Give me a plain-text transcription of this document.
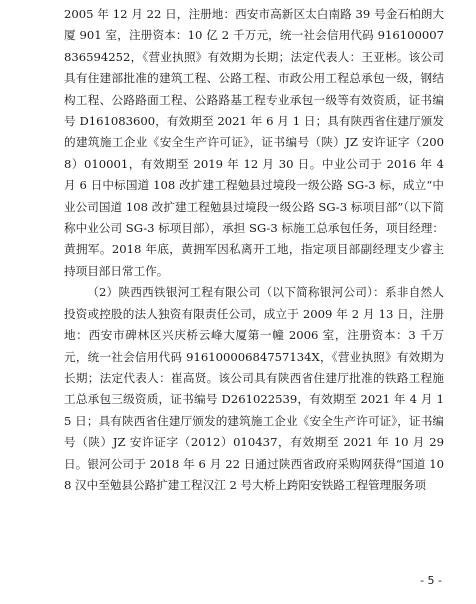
2005 年 12 月 22 日，注册地：西安市高新区太白南路 39 号金石柏朗大厦 901 室，注册资本：10 亿 2 千万元，统一社会信用代码 916100007836594252，《营业执照》有效期为长期；法定代表人：王亚彬。该公司具有住建部批准的建筑工程、公路工程、市政公用工程总承包一级，钢结构工程、公路路面工程、公路路基工程专业承包一级等有效资质，证书编号 D161083600，有效期至 2021 年 6 月 1 日；具有陕西省住建厅颁发的建筑施工企业《安全生产许可证》，证书编号（陕）JZ 安许证字（2008）010001，有效期至 2019 年 12 月 30 日。中业公司于 2016 年 4 月 6 日中标国道 108 改扩建工程勉县过境段一级公路 SG-3 标，成立“中业公司国道 108 改扩建工程勉县过境段一级公路 SG-3 标项目部”（以下简称中业公司 SG-3 标项目部），承担 SG-3 标施工总承包任务，项目经理：黄拥军。2018 年底，黄拥军因私离开工地，指定项目部副经理支少睿主持项目部日常工作。

（2）陕西西铁银河工程有限公司（以下简称银河公司）：系非自然人投资或控股的法人独资有限责任公司，成立于 2009 年 2 月 13 日，注册地：西安市碑林区兴庆桥云峰大厦第一幢 2006 室，注册资本：3 千万元，统一社会信用代码 91610000684757134X，《营业执照》有效期为长期；法定代表人：崔高贤。该公司具有陕西省住建厅批准的铁路工程施工总承包三级资质，证书编号 D261022539，有效期至 2021 年 4 月 15 日；具有陕西省住建厅颁发的建筑施工企业《安全生产许可证》，证书编号（陕）JZ 安许证字（2012）010437，有效期至 2021 年 10 月 29 日。银河公司于 2018 年 6 月 22 日通过陕西省政府采购网获得“国道 108 汉中至勉县公路扩建工程汉江 2 号大桥上跨阳安铁路工程管理服务项

- 5 -
